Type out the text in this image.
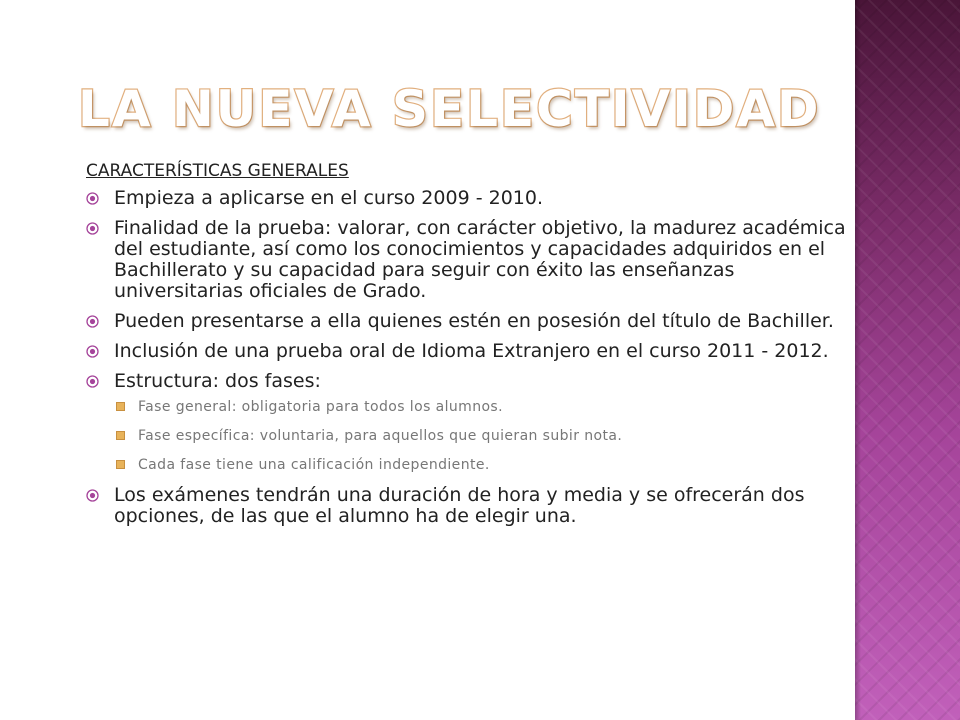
LA NUEVA SELECTIVIDAD
CARACTERÍSTICAS GENERALES
Empieza a aplicarse en el curso 2009 - 2010.
Finalidad de la prueba: valorar, con carácter objetivo, la madurez académica del estudiante, así como los conocimientos y capacidades adquiridos en el Bachillerato y su capacidad para seguir con éxito las enseñanzas universitarias oficiales de Grado.
Pueden presentarse a ella quienes estén en posesión del título de Bachiller.
Inclusión de una prueba oral de Idioma Extranjero en el curso 2011 - 2012.
Estructura: dos fases:
Fase general: obligatoria para todos los alumnos.
Fase específica: voluntaria, para aquellos que quieran subir nota.
Cada fase tiene una calificación independiente.
Los exámenes tendrán una duración de hora y media y se ofrecerán dos opciones, de las que el alumno ha de elegir una.
